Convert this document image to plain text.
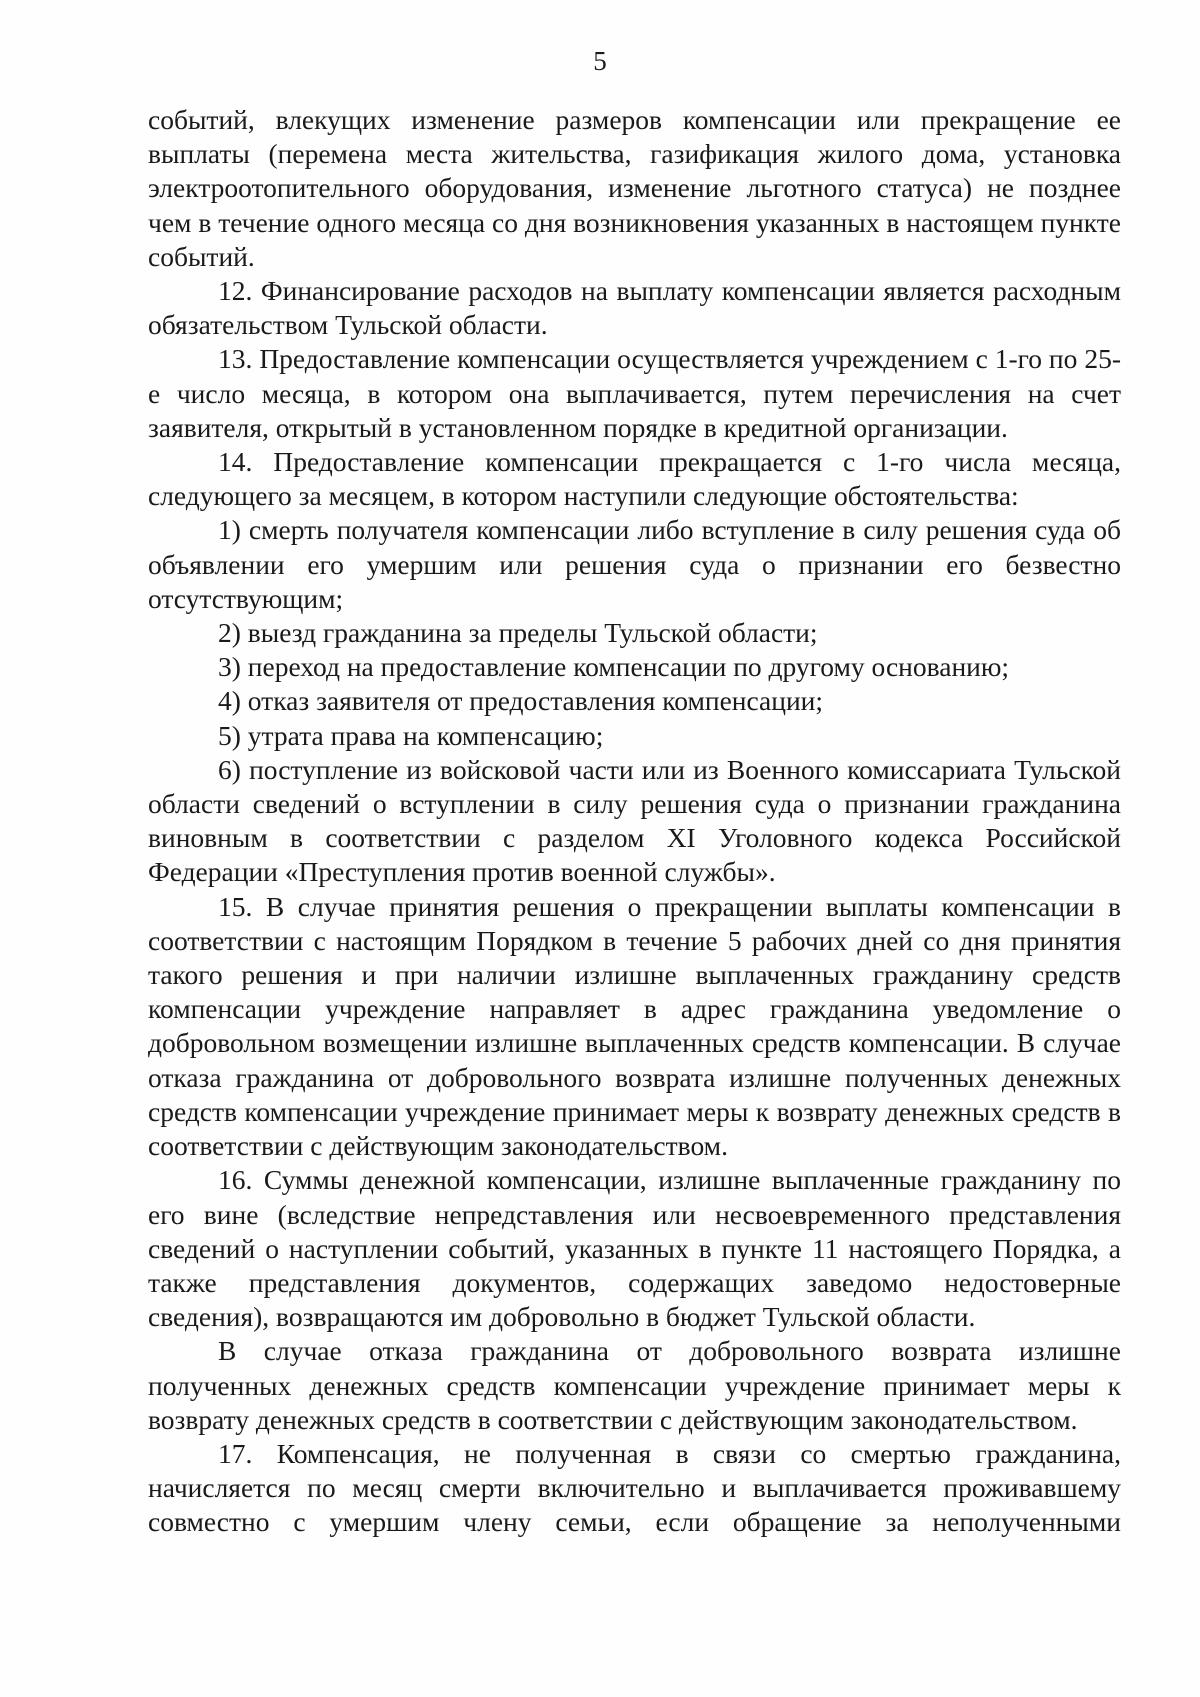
5

событий, влекущих изменение размеров компенсации или прекращение ее выплаты (перемена места жительства, газификация жилого дома, установка электроотопительного оборудования, изменение льготного статуса) не позднее чем в течение одного месяца со дня возникновения указанных в настоящем пункте событий.

12. Финансирование расходов на выплату компенсации является расходным обязательством Тульской области.

13. Предоставление компенсации осуществляется учреждением с 1-го по 25-е число месяца, в котором она выплачивается, путем перечисления на счет заявителя, открытый в установленном порядке в кредитной организации.

14. Предоставление компенсации прекращается с 1-го числа месяца, следующего за месяцем, в котором наступили следующие обстоятельства:

1) смерть получателя компенсации либо вступление в силу решения суда об объявлении его умершим или решения суда о признании его безвестно отсутствующим;

2) выезд гражданина за пределы Тульской области;

3) переход на предоставление компенсации по другому основанию;

4) отказ заявителя от предоставления компенсации;

5) утрата права на компенсацию;

6) поступление из войсковой части или из Военного комиссариата Тульской области сведений о вступлении в силу решения суда о признании гражданина виновным в соответствии с разделом XI Уголовного кодекса Российской Федерации «Преступления против военной службы».

15. В случае принятия решения о прекращении выплаты компенсации в соответствии с настоящим Порядком в течение 5 рабочих дней со дня принятия такого решения и при наличии излишне выплаченных гражданину средств компенсации учреждение направляет в адрес гражданина уведомление о добровольном возмещении излишне выплаченных средств компенсации. В случае отказа гражданина от добровольного возврата излишне полученных денежных средств компенсации учреждение принимает меры к возврату денежных средств в соответствии с действующим законодательством.

16. Суммы денежной компенсации, излишне выплаченные гражданину по его вине (вследствие непредставления или несвоевременного представления сведений о наступлении событий, указанных в пункте 11 настоящего Порядка, а также представления документов, содержащих заведомо недостоверные сведения), возвращаются им добровольно в бюджет Тульской области.

В случае отказа гражданина от добровольного возврата излишне полученных денежных средств компенсации учреждение принимает меры к возврату денежных средств в соответствии с действующим законодательством.

17. Компенсация, не полученная в связи со смертью гражданина, начисляется по месяц смерти включительно и выплачивается проживавшему совместно с умершим члену семьи, если обращение за неполученными
